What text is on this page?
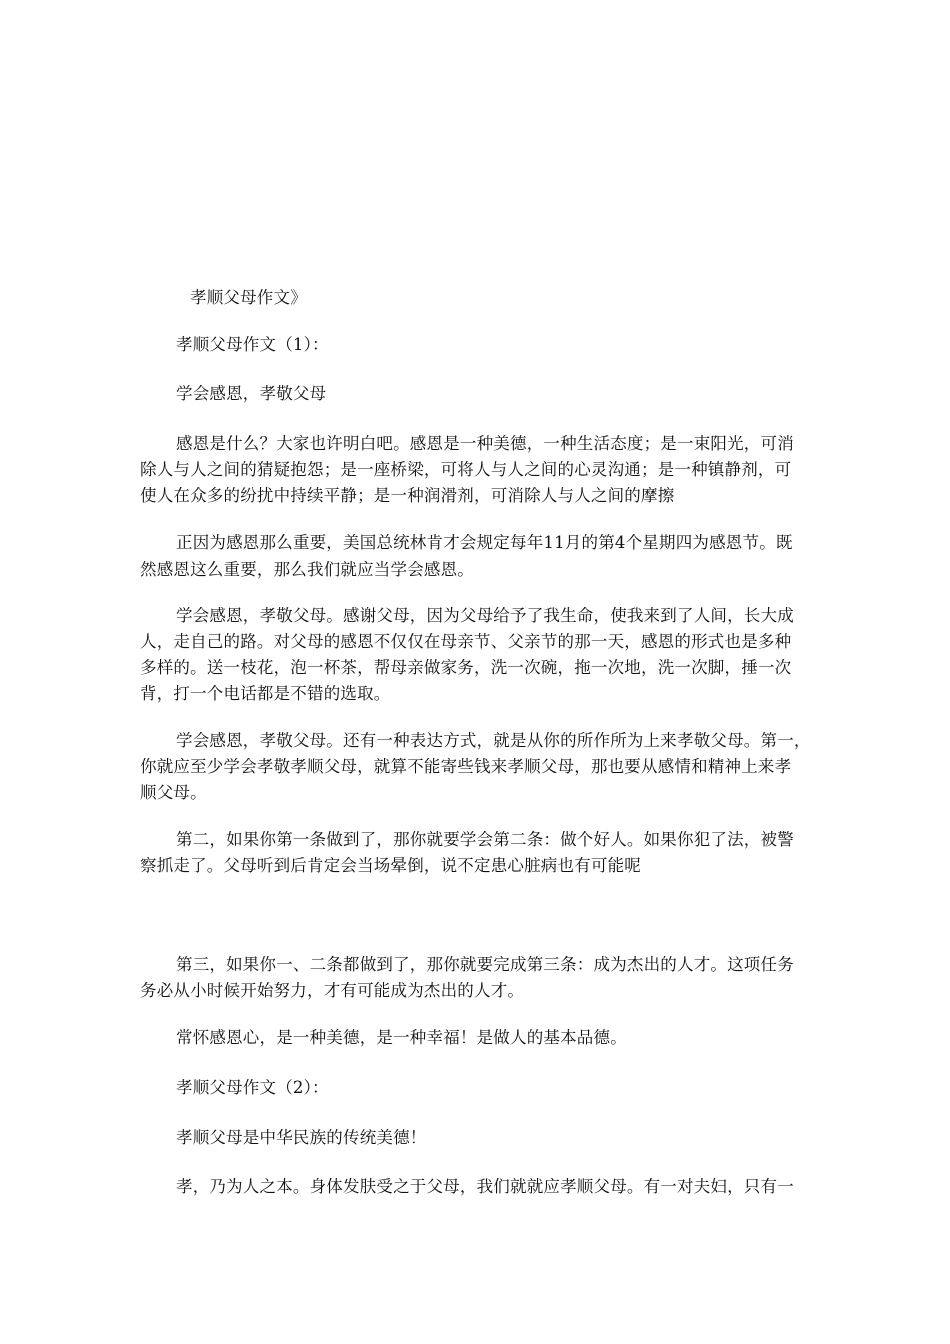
孝顺父母作文》
孝顺父母作文（1）：
学会感恩，孝敬父母
感恩是什么？大家也许明白吧。感恩是一种美德，一种生活态度；是一束阳光，可消
除人与人之间的猜疑抱怨；是一座桥梁，可将人与人之间的心灵沟通；是一种镇静剂，可
使人在众多的纷扰中持续平静；是一种润滑剂，可消除人与人之间的摩擦
正因为感恩那么重要，美国总统林肯才会规定每年11月的第4个星期四为感恩节。既
然感恩这么重要，那么我们就应当学会感恩。
学会感恩，孝敬父母。感谢父母，因为父母给予了我生命，使我来到了人间，长大成
人，走自己的路。对父母的感恩不仅仅在母亲节、父亲节的那一天，感恩的形式也是多种
多样的。送一枝花，泡一杯茶，帮母亲做家务，洗一次碗，拖一次地，洗一次脚，捶一次
背，打一个电话都是不错的选取。
学会感恩，孝敬父母。还有一种表达方式，就是从你的所作所为上来孝敬父母。第一，
你就应至少学会孝敬孝顺父母，就算不能寄些钱来孝顺父母，那也要从感情和精神上来孝
顺父母。
第二，如果你第一条做到了，那你就要学会第二条：做个好人。如果你犯了法，被警
察抓走了。父母听到后肯定会当场晕倒，说不定患心脏病也有可能呢
第三，如果你一、二条都做到了，那你就要完成第三条：成为杰出的人才。这项任务
务必从小时候开始努力，才有可能成为杰出的人才。
常怀感恩心，是一种美德，是一种幸福！是做人的基本品德。
孝顺父母作文（2）：
孝顺父母是中华民族的传统美德！
孝，乃为人之本。身体发肤受之于父母，我们就就应孝顺父母。有一对夫妇，只有一
